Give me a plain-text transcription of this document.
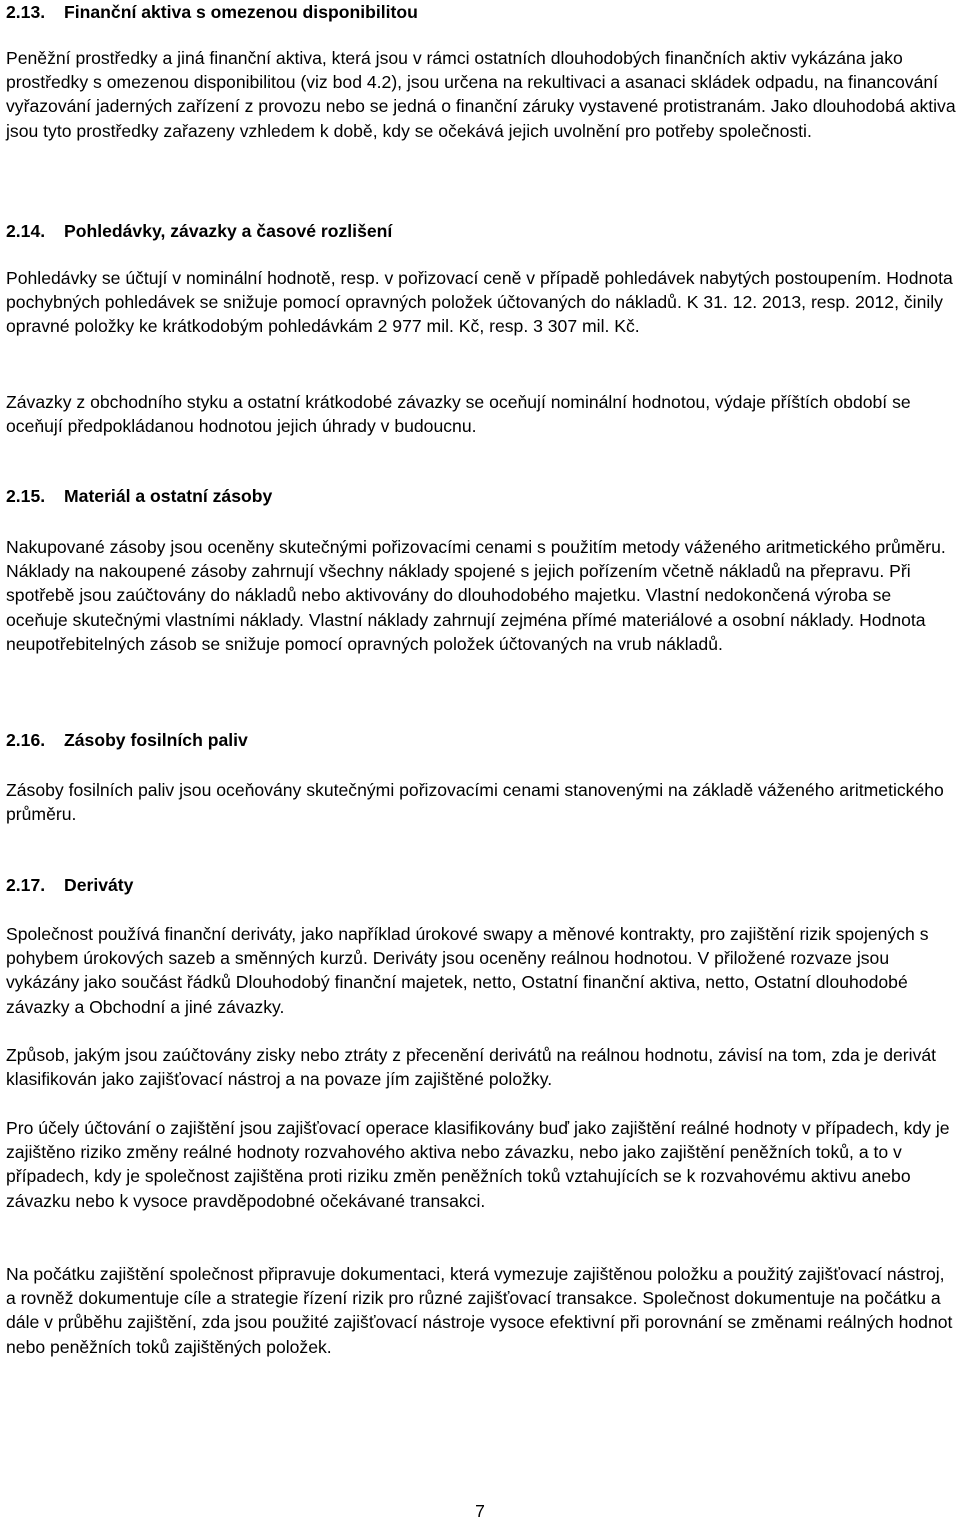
2.13. Finanční aktiva s omezenou disponibilitou

Peněžní prostředky a jiná finanční aktiva, která jsou v rámci ostatních dlouhodobých finančních aktiv vykázána jako prostředky s omezenou disponibilitou (viz bod 4.2), jsou určena na rekultivaci a asanaci skládek odpadu, na financování vyřazování jaderných zařízení z provozu nebo se jedná o finanční záruky vystavené protistranám. Jako dlouhodobá aktiva jsou tyto prostředky zařazeny vzhledem k době, kdy se očekává jejich uvolnění pro potřeby společnosti.

2.14. Pohledávky, závazky a časové rozlišení

Pohledávky se účtují v nominální hodnotě, resp. v pořizovací ceně v případě pohledávek nabytých postoupením. Hodnota pochybných pohledávek se snižuje pomocí opravných položek účtovaných do nákladů. K 31. 12. 2013, resp. 2012, činily opravné položky ke krátkodobým pohledávkám 2 977 mil. Kč, resp. 3 307 mil. Kč.

Závazky z obchodního styku a ostatní krátkodobé závazky se oceňují nominální hodnotou, výdaje příštích období se oceňují předpokládanou hodnotou jejich úhrady v budoucnu.

2.15. Materiál a ostatní zásoby

Nakupované zásoby jsou oceněny skutečnými pořizovacími cenami s použitím metody váženého aritmetického průměru. Náklady na nakoupené zásoby zahrnují všechny náklady spojené s jejich pořízením včetně nákladů na přepravu. Při spotřebě jsou zaúčtovány do nákladů nebo aktivovány do dlouhodobého majetku. Vlastní nedokončená výroba se oceňuje skutečnými vlastními náklady. Vlastní náklady zahrnují zejména přímé materiálové a osobní náklady. Hodnota neupotřebitelných zásob se snižuje pomocí opravných položek účtovaných na vrub nákladů.

2.16. Zásoby fosilních paliv

Zásoby fosilních paliv jsou oceňovány skutečnými pořizovacími cenami stanovenými na základě váženého aritmetického průměru.

2.17. Deriváty

Společnost používá finanční deriváty, jako například úrokové swapy a měnové kontrakty, pro zajištění rizik spojených s pohybem úrokových sazeb a směnných kurzů. Deriváty jsou oceněny reálnou hodnotou. V přiložené rozvaze jsou vykázány jako součást řádků Dlouhodobý finanční majetek, netto, Ostatní finanční aktiva, netto, Ostatní dlouhodobé závazky a Obchodní a jiné závazky.

Způsob, jakým jsou zaúčtovány zisky nebo ztráty z přecenění derivátů na reálnou hodnotu, závisí na tom, zda je derivát klasifikován jako zajišťovací nástroj a na povaze jím zajištěné položky.

Pro účely účtování o zajištění jsou zajišťovací operace klasifikovány buď jako zajištění reálné hodnoty v případech, kdy je zajištěno riziko změny reálné hodnoty rozvahového aktiva nebo závazku, nebo jako zajištění peněžních toků, a to v případech, kdy je společnost zajištěna proti riziku změn peněžních toků vztahujících se k rozvahovému aktivu anebo závazku nebo k vysoce pravděpodobné očekávané transakci.

Na počátku zajištění společnost připravuje dokumentaci, která vymezuje zajištěnou položku a použitý zajišťovací nástroj, a rovněž dokumentuje cíle a strategie řízení rizik pro různé zajišťovací transakce. Společnost dokumentuje na počátku a dále v průběhu zajištění, zda jsou použité zajišťovací nástroje vysoce efektivní při porovnání se změnami reálných hodnot nebo peněžních toků zajištěných položek.

7
